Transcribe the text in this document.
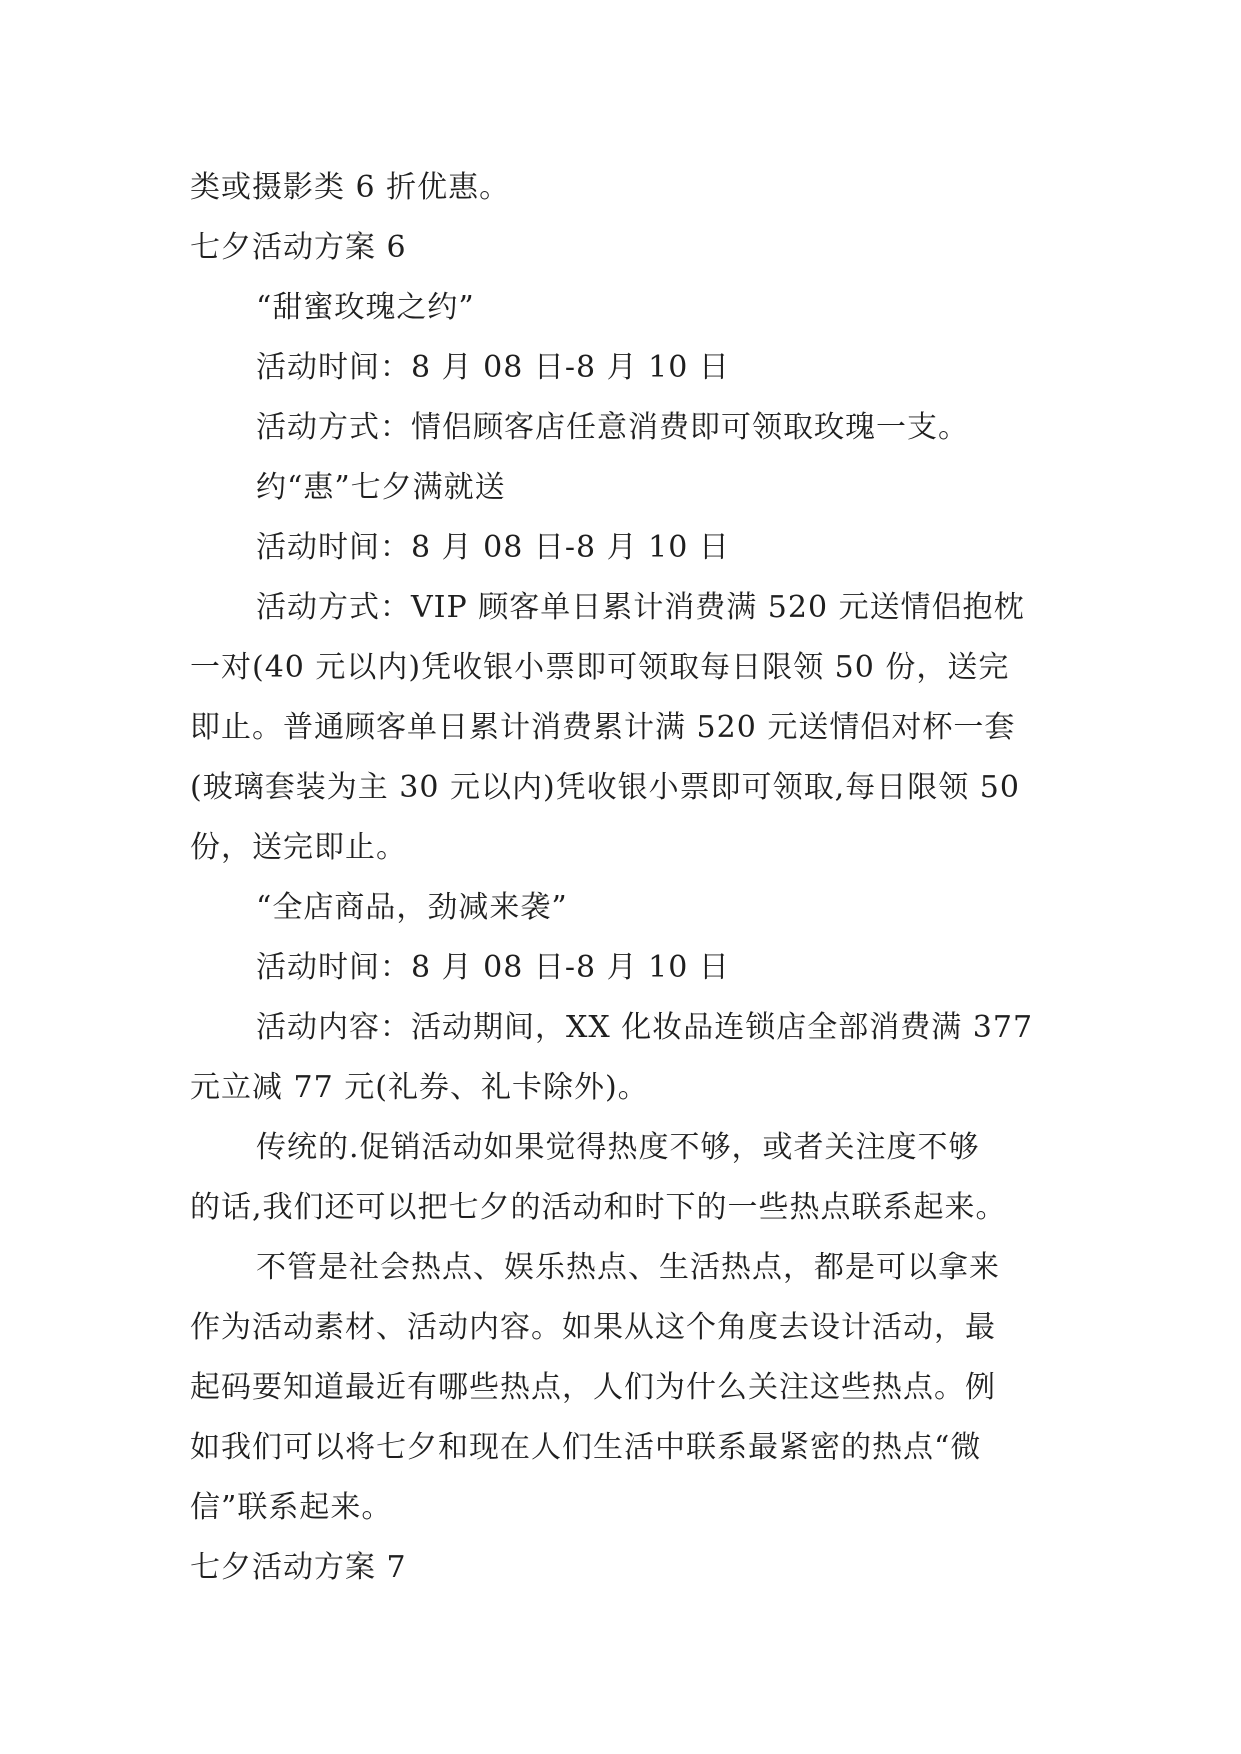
类或摄影类 6 折优惠。
七夕活动方案 6
“甜蜜玫瑰之约”
活动时间：8 月 08 日-8 月 10 日
活动方式：情侣顾客店任意消费即可领取玫瑰一支。
约“惠”七夕满就送
活动时间：8 月 08 日-8 月 10 日
活动方式：VIP 顾客单日累计消费满 520 元送情侣抱枕
一对(40 元以内)凭收银小票即可领取每日限领 50 份，送完
即止。普通顾客单日累计消费累计满 520 元送情侣对杯一套
(玻璃套装为主 30 元以内)凭收银小票即可领取,每日限领 50
份，送完即止。
“全店商品，劲减来袭”
活动时间：8 月 08 日-8 月 10 日
活动内容：活动期间，XX 化妆品连锁店全部消费满 377
元立减 77 元(礼券、礼卡除外)。
传统的.促销活动如果觉得热度不够，或者关注度不够
的话,我们还可以把七夕的活动和时下的一些热点联系起来。
不管是社会热点、娱乐热点、生活热点，都是可以拿来
作为活动素材、活动内容。如果从这个角度去设计活动，最
起码要知道最近有哪些热点，人们为什么关注这些热点。例
如我们可以将七夕和现在人们生活中联系最紧密的热点“微
信”联系起来。
七夕活动方案 7
